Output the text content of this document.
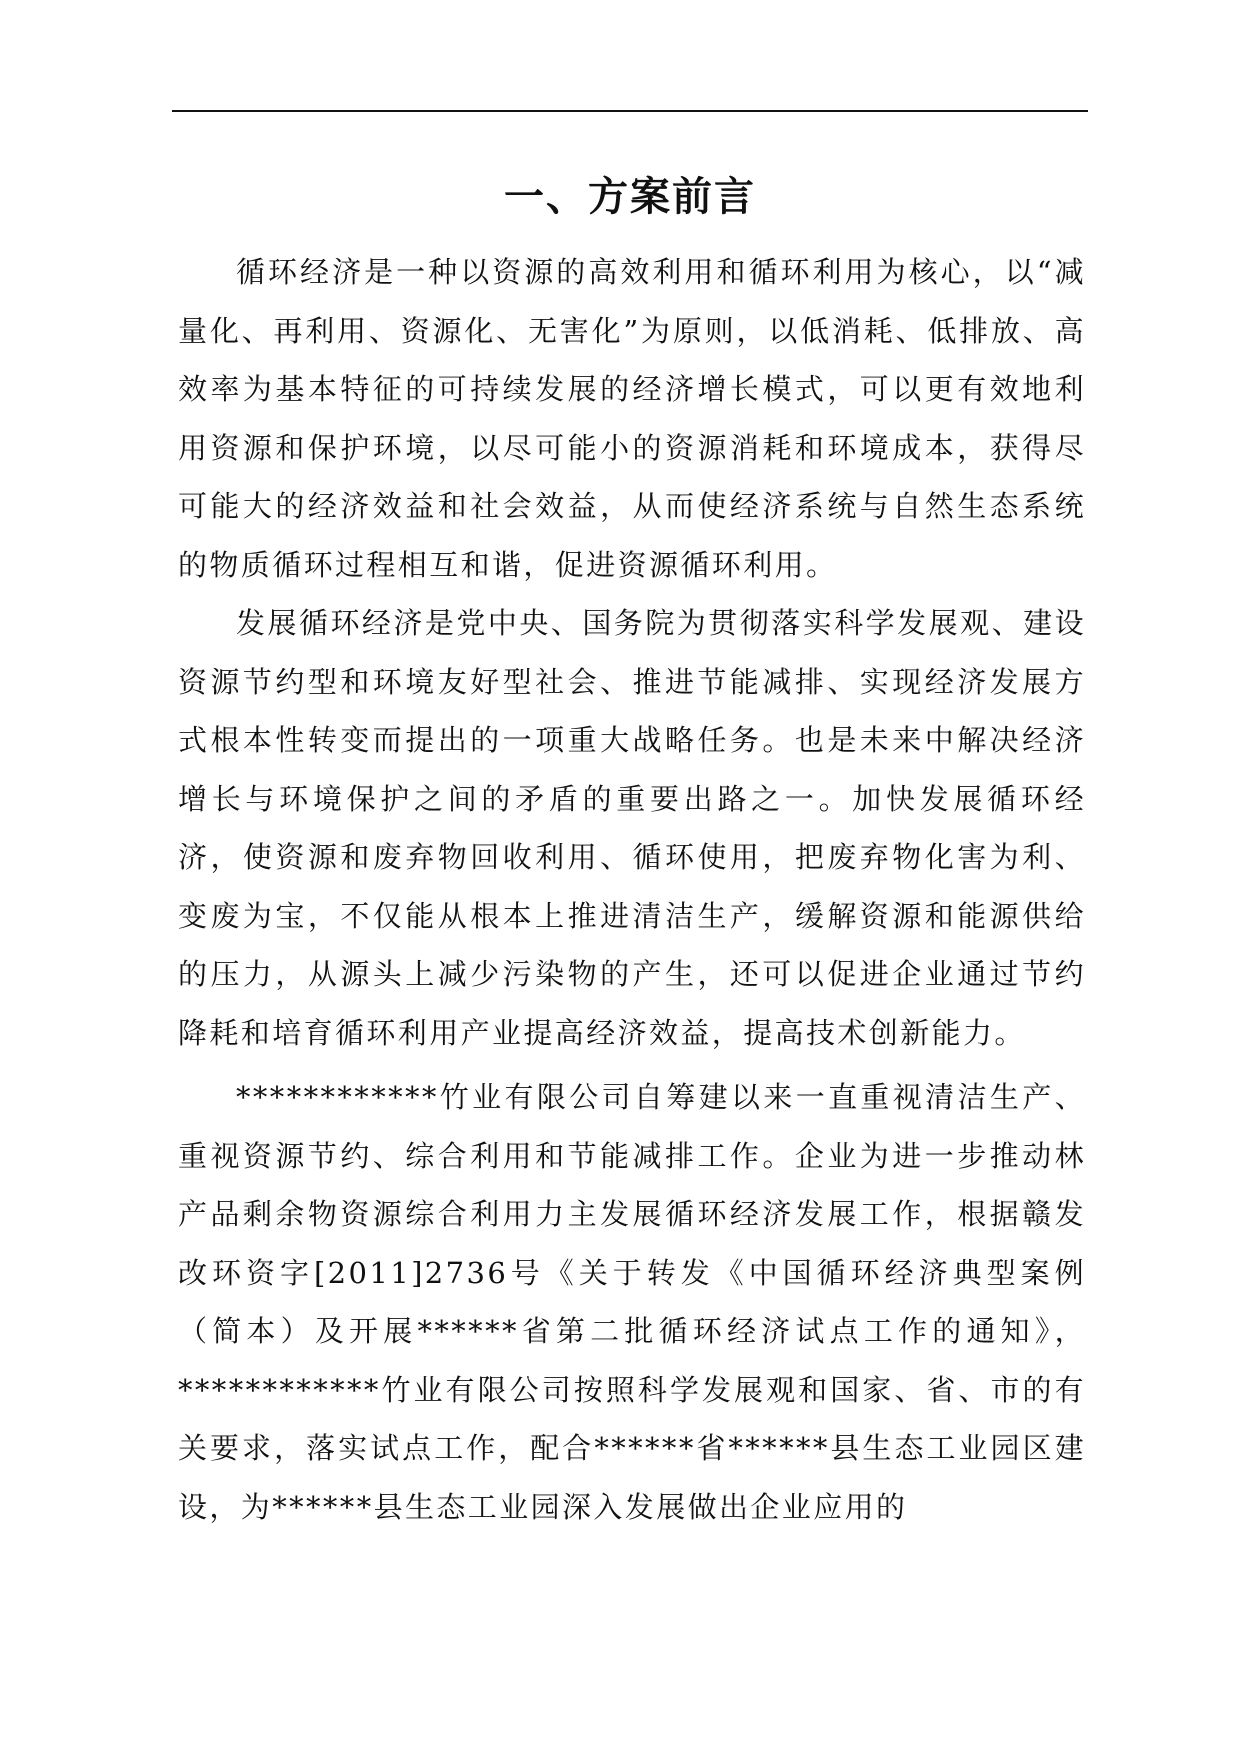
一、方案前言

循环经济是一种以资源的高效利用和循环利用为核心，以“减量化、再利用、资源化、无害化”为原则，以低消耗、低排放、高效率为基本特征的可持续发展的经济增长模式，可以更有效地利用资源和保护环境，以尽可能小的资源消耗和环境成本，获得尽可能大的经济效益和社会效益，从而使经济系统与自然生态系统的物质循环过程相互和谐，促进资源循环利用。

发展循环经济是党中央、国务院为贯彻落实科学发展观、建设资源节约型和环境友好型社会、推进节能减排、实现经济发展方式根本性转变而提出的一项重大战略任务。也是未来中解决经济增长与环境保护之间的矛盾的重要出路之一。加快发展循环经济，使资源和废弃物回收利用、循环使用，把废弃物化害为利、变废为宝，不仅能从根本上推进清洁生产，缓解资源和能源供给的压力，从源头上减少污染物的产生，还可以促进企业通过节约降耗和培育循环利用产业提高经济效益，提高技术创新能力。

************竹业有限公司自筹建以来一直重视清洁生产、重视资源节约、综合利用和节能减排工作。企业为进一步推动林产品剩余物资源综合利用力主发展循环经济发展工作，根据赣发改环资字[2011]2736号《关于转发《中国循环经济典型案例（简本）及开展******省第二批循环经济试点工作的通知》，************竹业有限公司按照科学发展观和国家、省、市的有关要求，落实试点工作，配合******省******县生态工业园区建设，为******县生态工业园深入发展做出企业应用的
